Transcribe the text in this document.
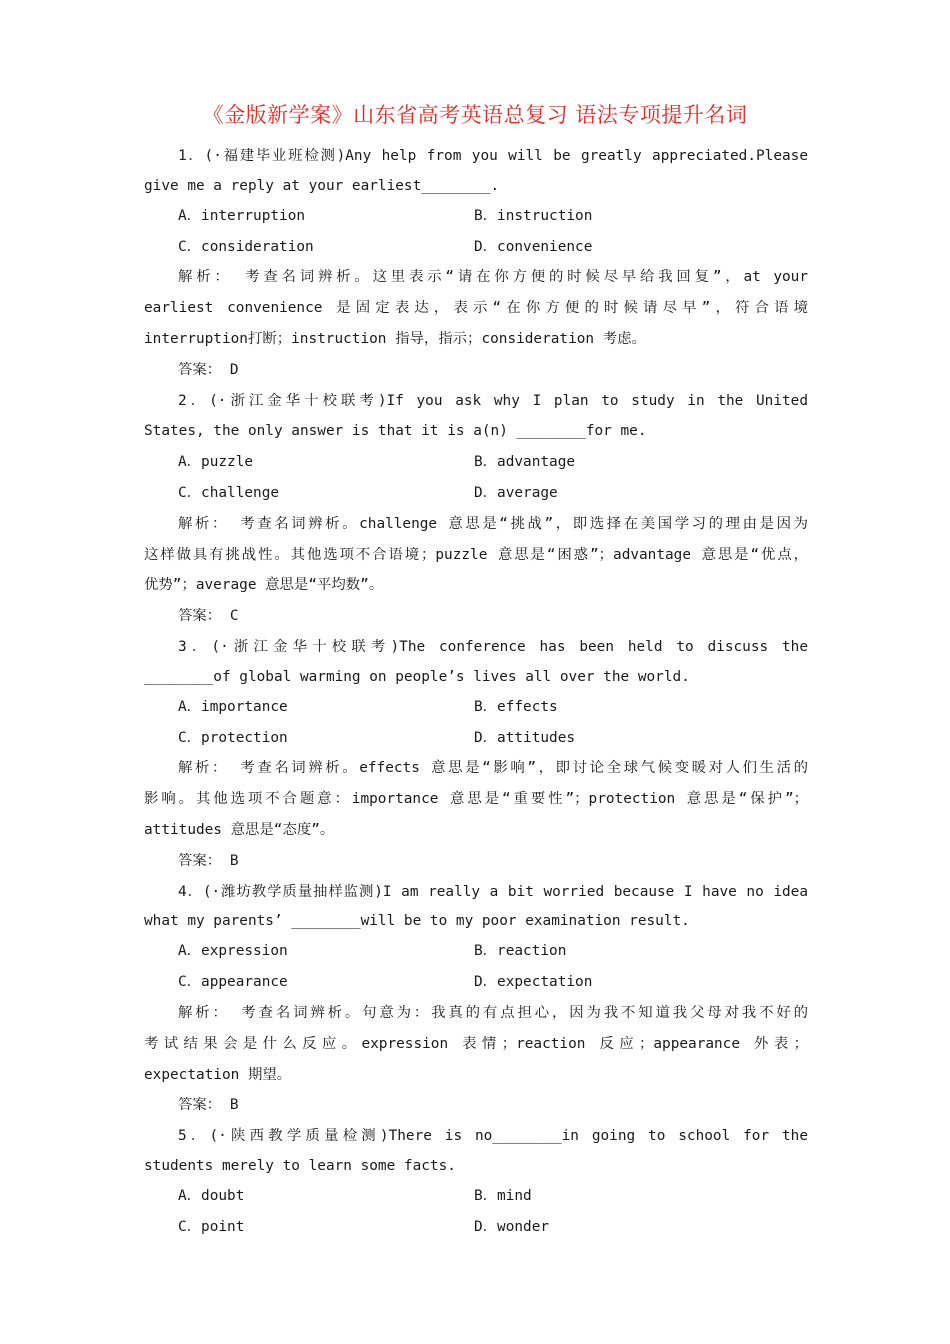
《金版新学案》山东省高考英语总复习 语法专项提升名词
1．(·福建毕业班检测)Any help from you will be greatly appreciated.Please
give me a reply at your earliest________.
A．interruption	B．instruction
C．consideration	D．convenience
解析： 考查名词辨析。这里表示“请在你方便的时候尽早给我回复”，at your
earliest convenience 是固定表达，表示“在你方便的时候请尽早”，符合语境
interruption打断；instruction 指导，指示；consideration 考虑。
答案： D
2．(·浙江金华十校联考)If you ask why I plan to study in the United
States, the only answer is that it is a(n) ________for me.
A．puzzle	B．advantage
C．challenge	D．average
解析： 考查名词辨析。challenge 意思是“挑战”，即选择在美国学习的理由是因为
这样做具有挑战性。其他选项不合语境；puzzle 意思是“困惑”；advantage 意思是“优点，
优势”；average 意思是“平均数”。
答案： C
3．(·浙江金华十校联考)The conference has been held to discuss the
________of global warming on people’s lives all over the world.
A．importance	B．effects
C．protection	D．attitudes
解析： 考查名词辨析。effects 意思是“影响”，即讨论全球气候变暖对人们生活的
影响。其他选项不合题意：importance 意思是“重要性”；protection 意思是“保护”；
attitudes 意思是“态度”。
答案： B
4．(·潍坊教学质量抽样监测)I am really a bit worried because I have no idea
what my parents’ ________will be to my poor examination result.
A．expression	B．reaction
C．appearance	D．expectation
解析： 考查名词辨析。句意为：我真的有点担心，因为我不知道我父母对我不好的
考试结果会是什么反应。expression 表情；reaction 反应；appearance 外表；
expectation 期望。
答案： B
5．(·陕西教学质量检测)There is no________in going to school for the
students merely to learn some facts.
A．doubt	B．mind
C．point	D．wonder
